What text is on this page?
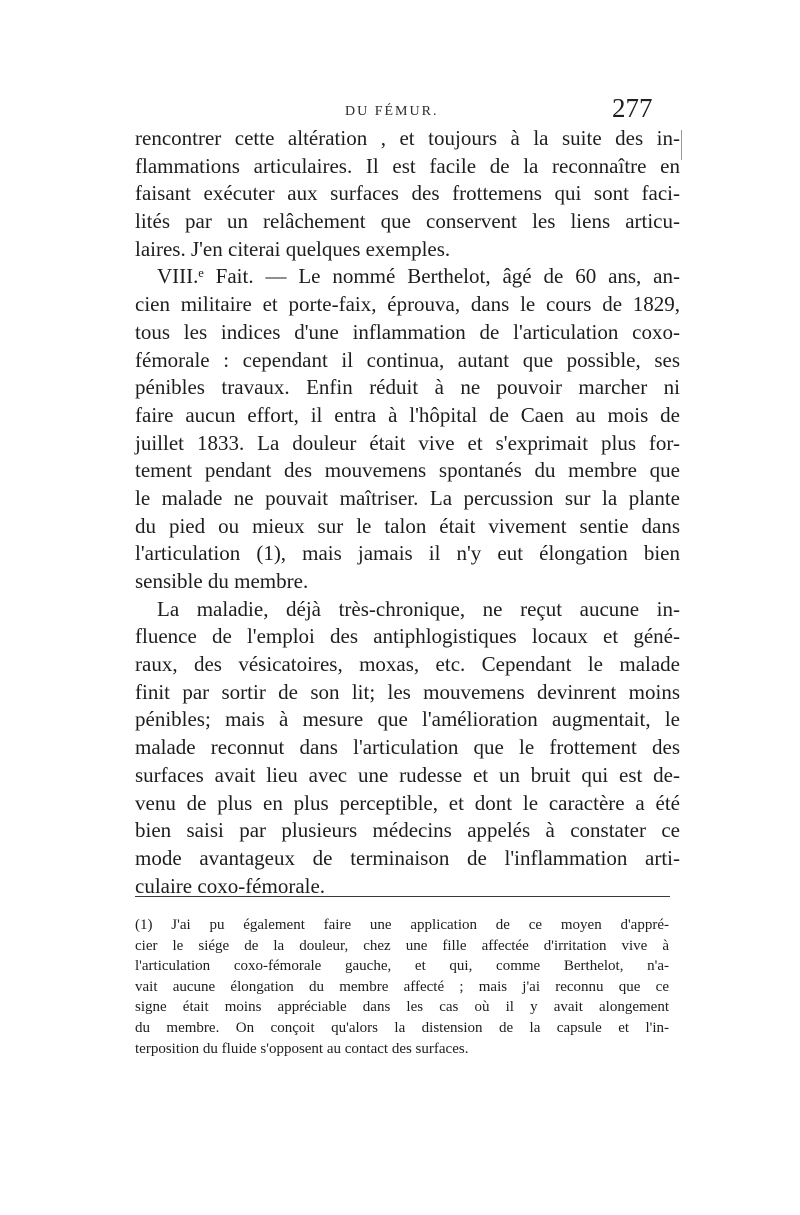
DU FÉMUR.	277
rencontrer cette altération , et toujours à la suite des in-
flammations articulaires. Il est facile de la reconnaître en
faisant exécuter aux surfaces des frottemens qui sont faci-
lités par un relâchement que conservent les liens articu-
laires. J'en citerai quelques exemples.
VIII.ᵉ Fait. — Le nommé Berthelot, âgé de 60 ans, an-
cien militaire et porte-faix, éprouva, dans le cours de 1829,
tous les indices d'une inflammation de l'articulation coxo-
fémorale : cependant il continua, autant que possible, ses
pénibles travaux. Enfin réduit à ne pouvoir marcher ni
faire aucun effort, il entra à l'hôpital de Caen au mois de
juillet 1833. La douleur était vive et s'exprimait plus for-
tement pendant des mouvemens spontanés du membre que
le malade ne pouvait maîtriser. La percussion sur la plante
du pied ou mieux sur le talon était vivement sentie dans
l'articulation (1), mais jamais il n'y eut élongation bien
sensible du membre.
La maladie, déjà très-chronique, ne reçut aucune in-
fluence de l'emploi des antiphlogistiques locaux et géné-
raux, des vésicatoires, moxas, etc. Cependant le malade
finit par sortir de son lit; les mouvemens devinrent moins
pénibles; mais à mesure que l'amélioration augmentait, le
malade reconnut dans l'articulation que le frottement des
surfaces avait lieu avec une rudesse et un bruit qui est de-
venu de plus en plus perceptible, et dont le caractère a été
bien saisi par plusieurs médecins appelés à constater ce
mode avantageux de terminaison de l'inflammation arti-
culaire coxo-fémorale.
(1) J'ai pu également faire une application de ce moyen d'appré-
cier le siége de la douleur, chez une fille affectée d'irritation vive à
l'articulation coxo-fémorale gauche, et qui, comme Berthelot, n'a-
vait aucune élongation du membre affecté ; mais j'ai reconnu que ce
signe était moins appréciable dans les cas où il y avait alongement
du membre. On conçoit qu'alors la distension de la capsule et l'in-
terposition du fluide s'opposent au contact des surfaces.
